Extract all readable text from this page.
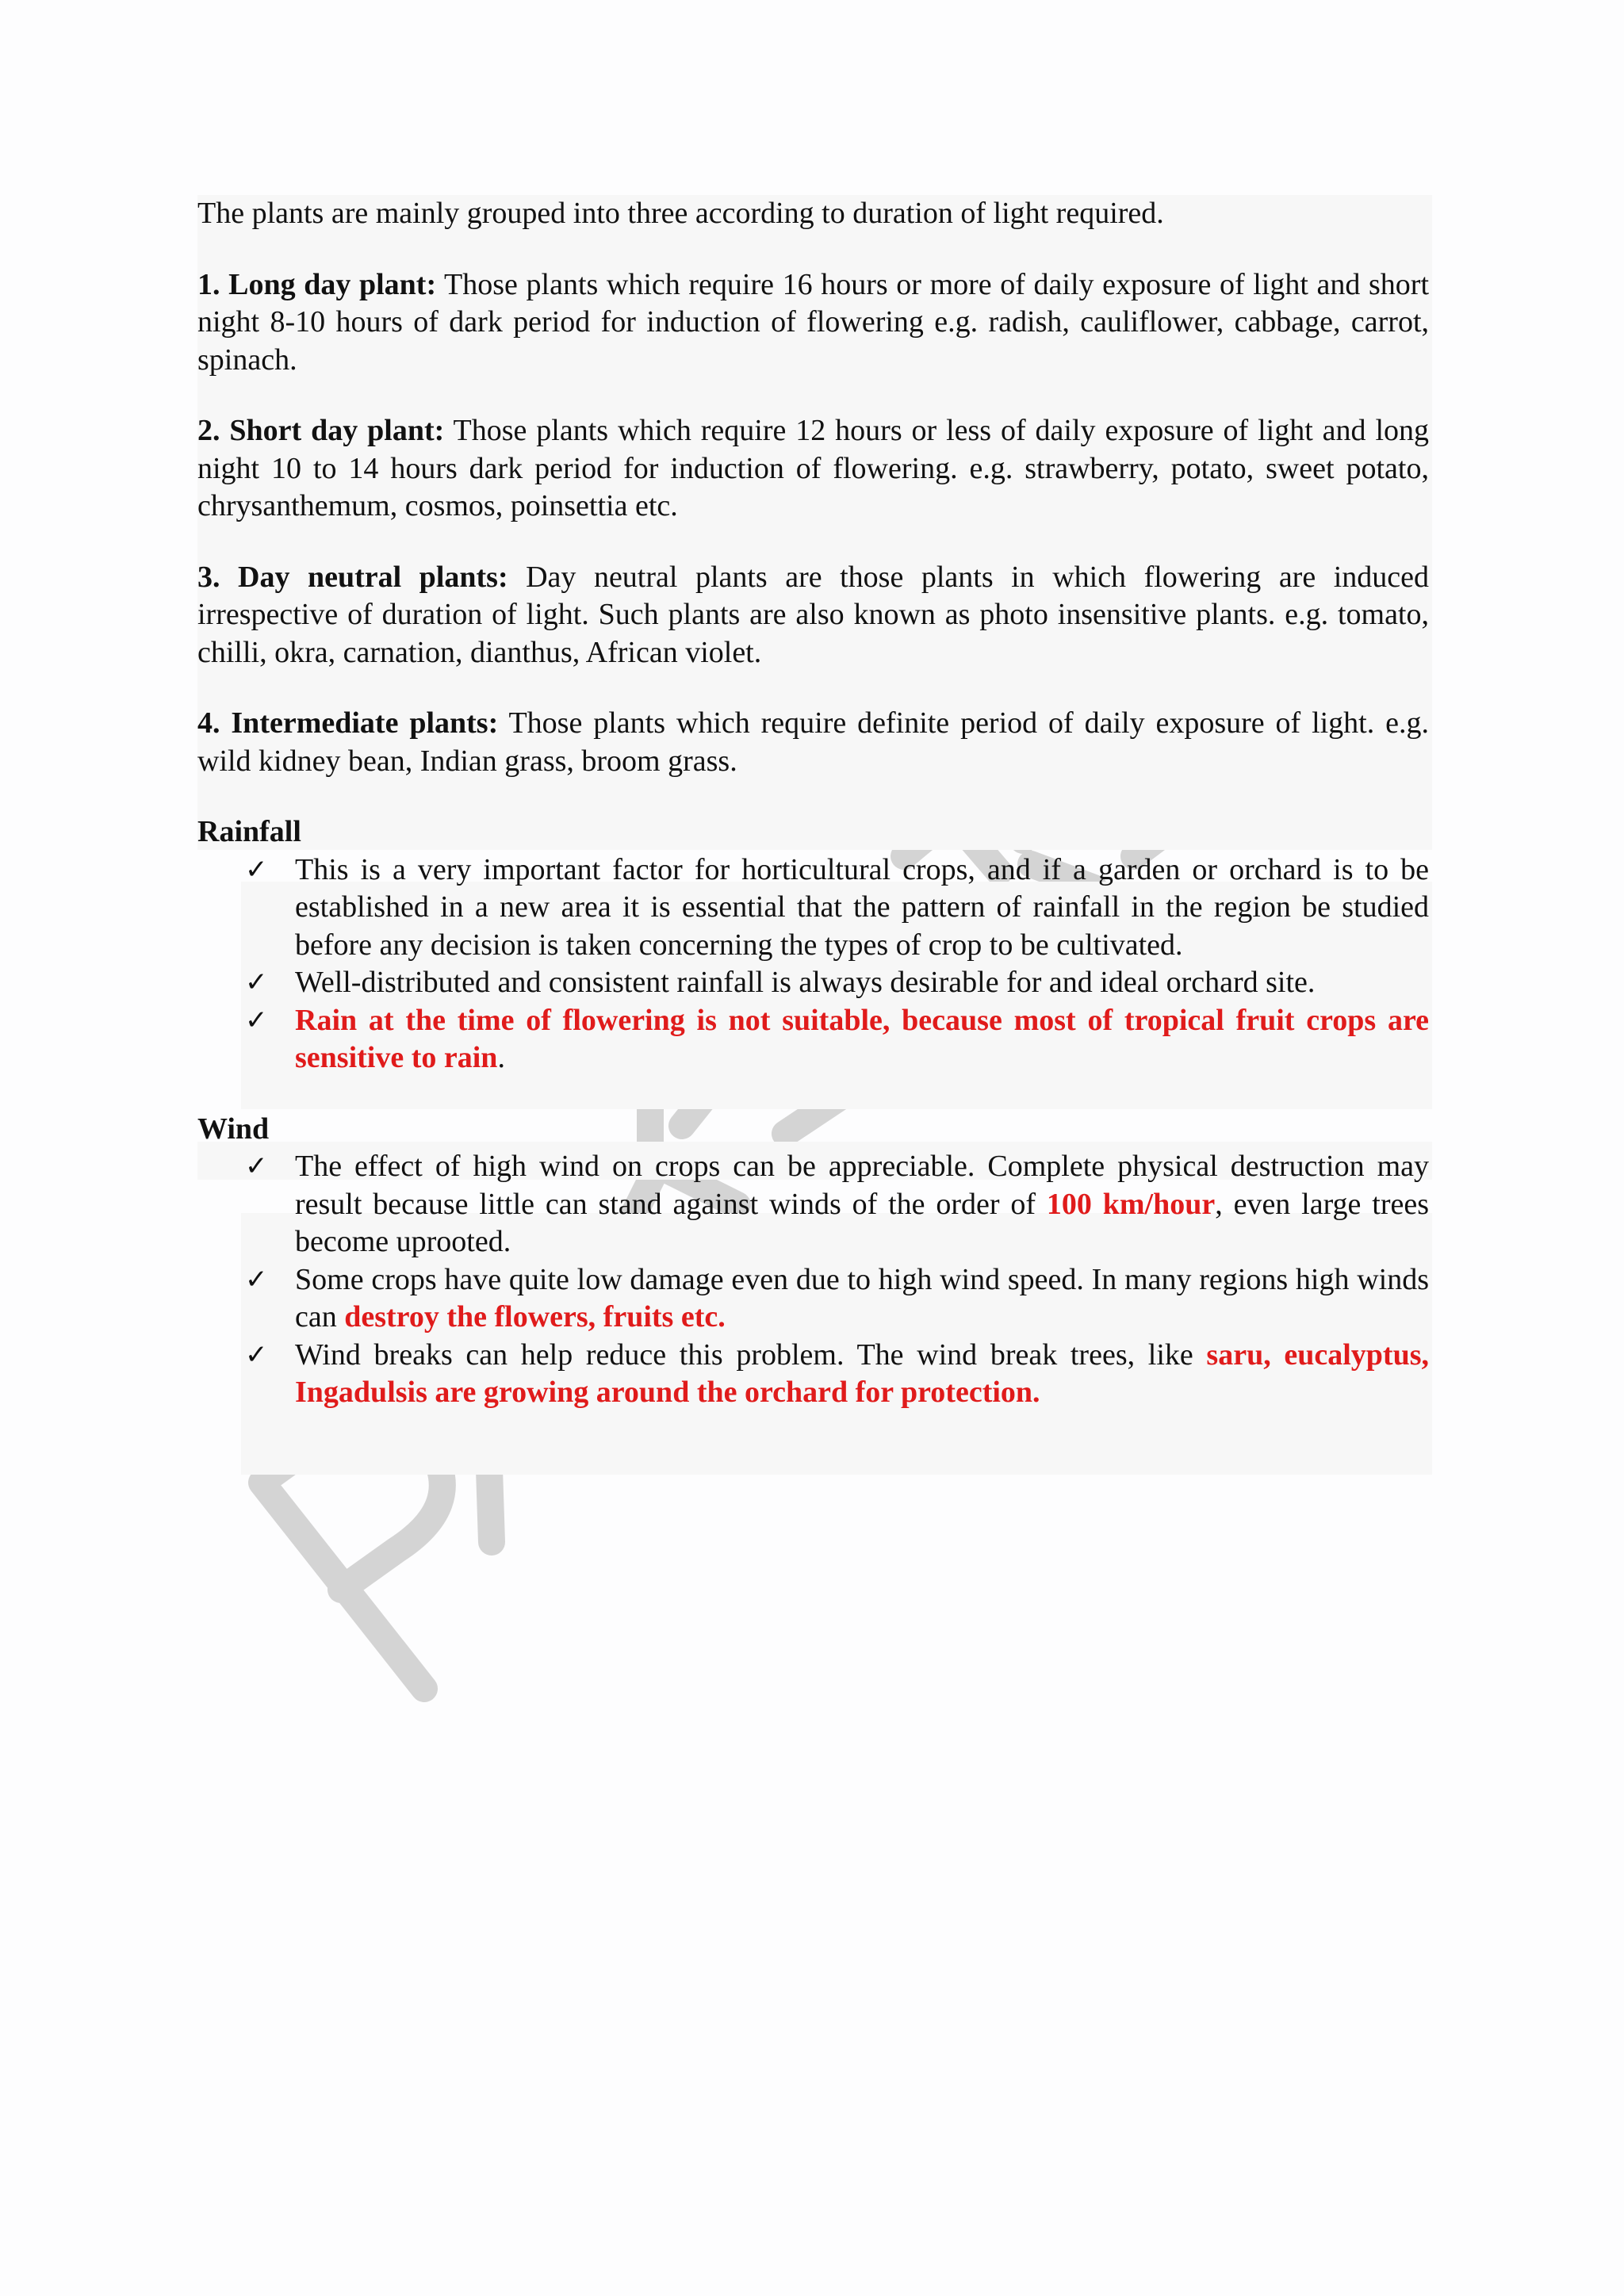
The plants are mainly grouped into three according to duration of light required.

1. Long day plant: Those plants which require 16 hours or more of daily exposure of light and short night 8-10 hours of dark period for induction of flowering e.g. radish, cauliflower, cabbage, carrot, spinach.

2. Short day plant: Those plants which require 12 hours or less of daily exposure of light and long night 10 to 14 hours dark period for induction of flowering. e.g. strawberry, potato, sweet potato, chrysanthemum, cosmos, poinsettia etc.

3. Day neutral plants: Day neutral plants are those plants in which flowering are induced irrespective of duration of light. Such plants are also known as photo insensitive plants. e.g. tomato, chilli, okra, carnation, dianthus, African violet.

4. Intermediate plants: Those plants which require definite period of daily exposure of light. e.g. wild kidney bean, Indian grass, broom grass.

Rainfall

✓ This is a very important factor for horticultural crops, and if a garden or orchard is to be established in a new area it is essential that the pattern of rainfall in the region be studied before any decision is taken concerning the types of crop to be cultivated.
✓ Well-distributed and consistent rainfall is always desirable for and ideal orchard site.
✓ Rain at the time of flowering is not suitable, because most of tropical fruit crops are sensitive to rain.

Wind

✓ The effect of high wind on crops can be appreciable. Complete physical destruction may result because little can stand against winds of the order of 100 km/hour, even large trees become uprooted.
✓ Some crops have quite low damage even due to high wind speed. In many regions high winds can destroy the flowers, fruits etc.
✓ Wind breaks can help reduce this problem. The wind break trees, like saru, eucalyptus, Ingadulsis are growing around the orchard for protection.
